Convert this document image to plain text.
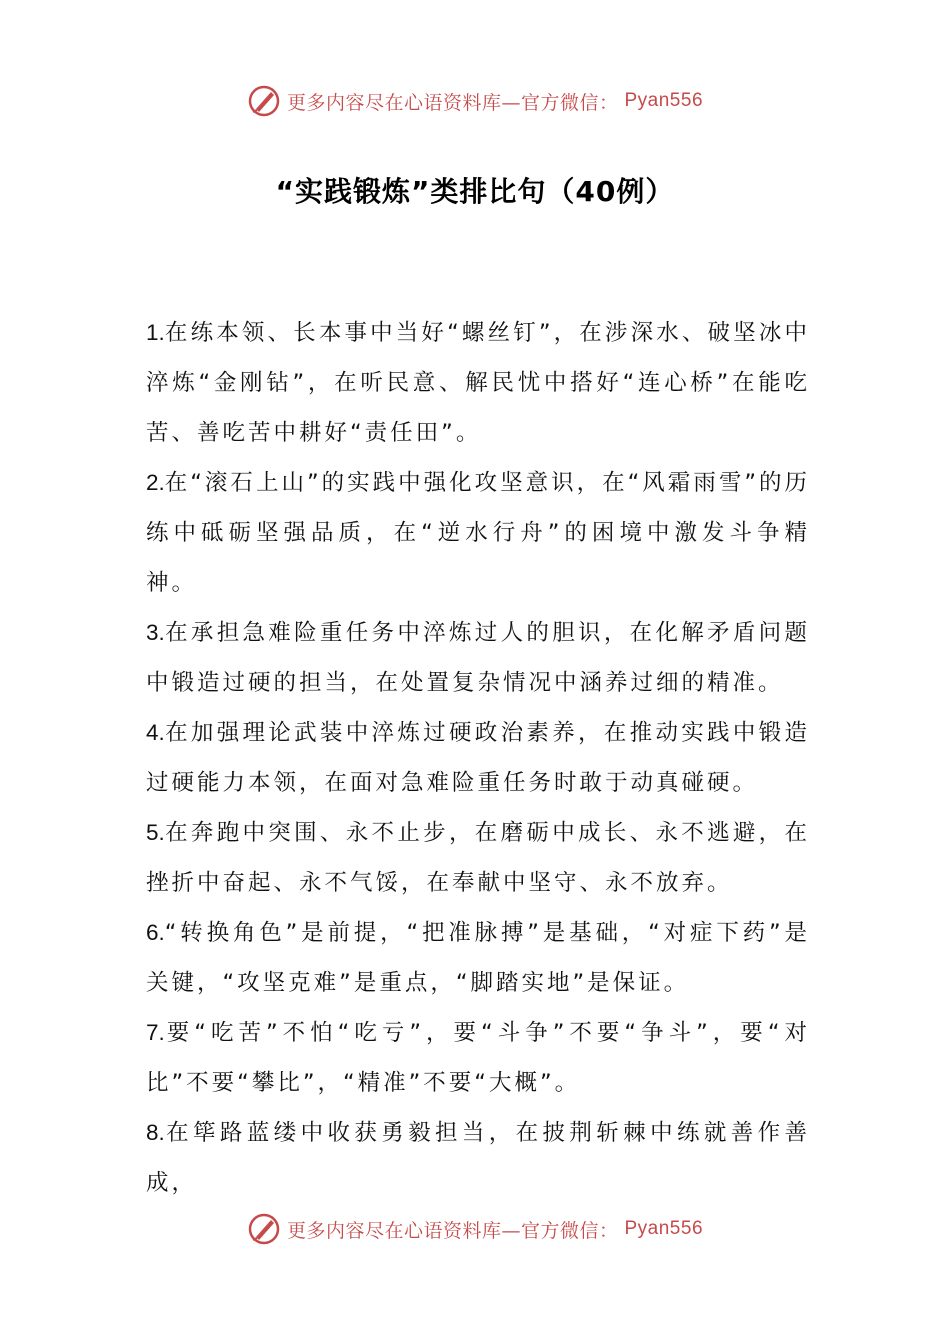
更多内容尽在心语资料库—官方微信： Pyan556
“实践锻炼”类排比句（40例）

1.在练本领、长本事中当好“螺丝钉”，在涉深水、破坚冰中淬炼“金刚钻”，在听民意、解民忧中搭好“连心桥”在能吃苦、善吃苦中耕好“责任田”。

2.在“滚石上山”的实践中强化攻坚意识，在“风霜雨雪”的历练中砥砺坚强品质，在“逆水行舟”的困境中激发斗争精神。

3.在承担急难险重任务中淬炼过人的胆识，在化解矛盾问题中锻造过硬的担当，在处置复杂情况中涵养过细的精准。

4.在加强理论武装中淬炼过硬政治素养，在推动实践中锻造过硬能力本领，在面对急难险重任务时敢于动真碰硬。

5.在奔跑中突围、永不止步，在磨砺中成长、永不逃避，在挫折中奋起、永不气馁，在奉献中坚守、永不放弃。

6.“转换角色”是前提，“把准脉搏”是基础，“对症下药”是关键，“攻坚克难”是重点，“脚踏实地”是保证。

7.要“吃苦”不怕“吃亏”，要“斗争”不要“争斗”，要“对比”不要“攀比”，“精准”不要“大概”。

8.在筚路蓝缕中收获勇毅担当，在披荆斩棘中练就善作善成，

更多内容尽在心语资料库—官方微信： Pyan556
